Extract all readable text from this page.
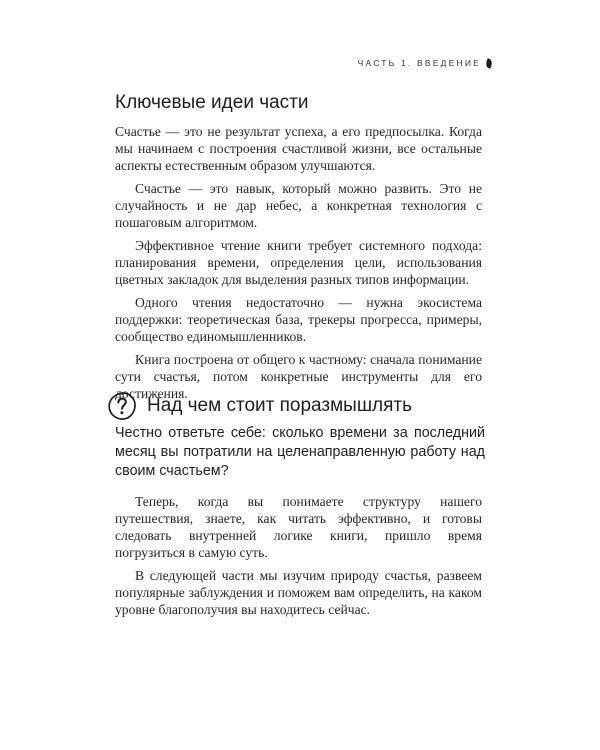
ЧАСТЬ 1. ВВЕДЕНИЕ
Ключевые идеи части

Счастье — это не результат успеха, а его предпосылка. Когда мы начинаем с построения счастливой жизни, все остальные аспекты естественным образом улучшаются.

Счастье — это навык, который можно развить. Это не случайность и не дар небес, а конкретная технология с пошаговым алгоритмом.

Эффективное чтение книги требует системного подхода: планирования времени, определения цели, использования цветных закладок для выделения разных типов информации.

Одного чтения недостаточно — нужна экосистема поддержки: теоретическая база, трекеры прогресса, примеры, сообщество единомышленников.

Книга построена от общего к частному: сначала понимание сути счастья, потом конкретные инструменты для его достижения.

Над чем стоит поразмышлять

Честно ответьте себе: сколько времени за последний месяц вы потратили на целенаправленную работу над своим счастьем?

Теперь, когда вы понимаете структуру нашего путешествия, знаете, как читать эффективно, и готовы следовать внутренней логике книги, пришло время погрузиться в самую суть.

В следующей части мы изучим природу счастья, развеем популярные заблуждения и поможем вам определить, на каком уровне благополучия вы находитесь сейчас.
